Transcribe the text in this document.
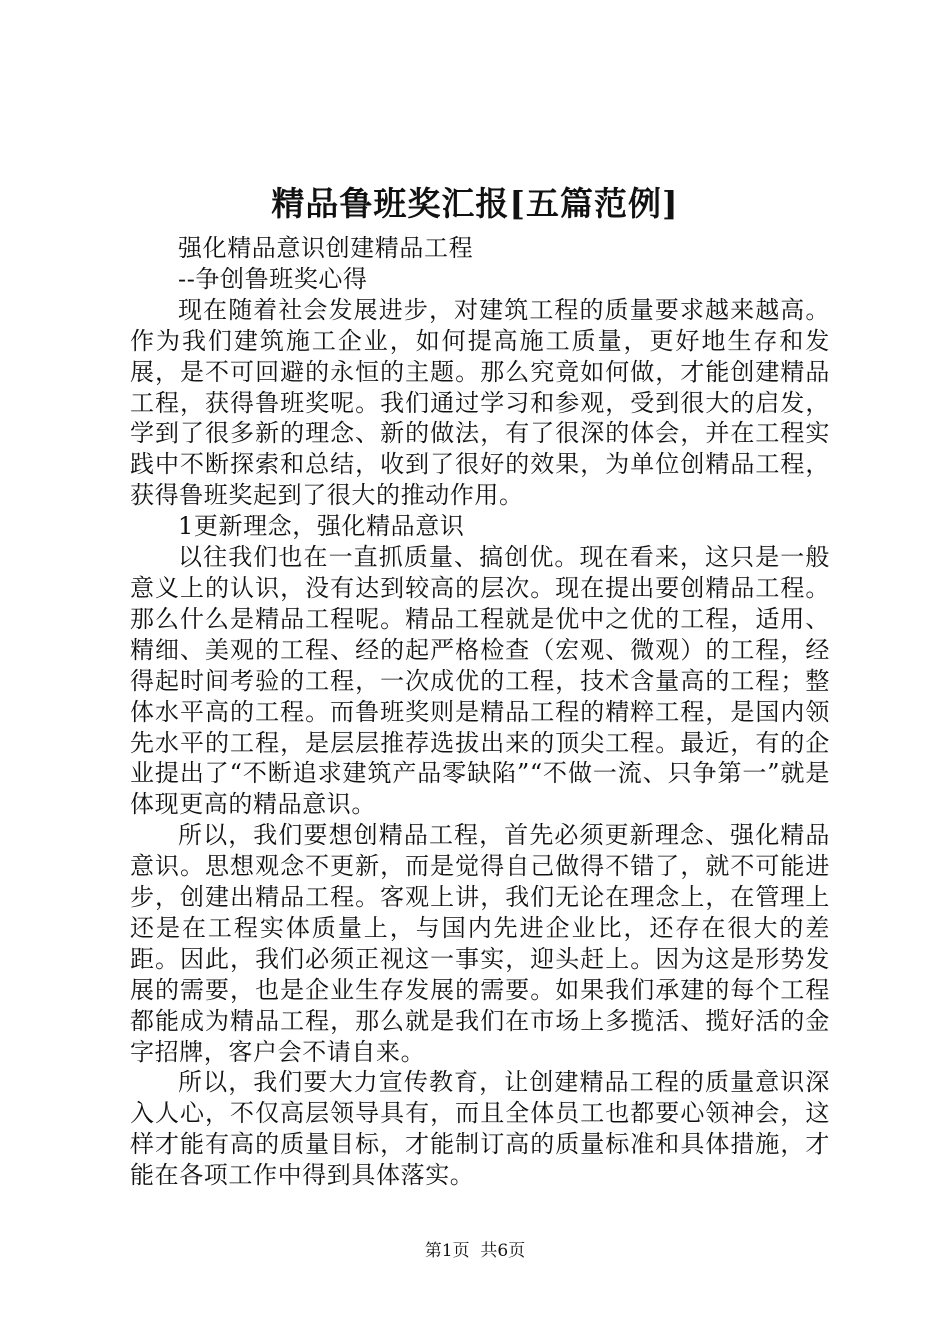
精品鲁班奖汇报[五篇范例]

强化精品意识创建精品工程

--争创鲁班奖心得

现在随着社会发展进步，对建筑工程的质量要求越来越高。作为我们建筑施工企业，如何提高施工质量，更好地生存和发展，是不可回避的永恒的主题。那么究竟如何做，才能创建精品工程，获得鲁班奖呢。我们通过学习和参观，受到很大的启发，学到了很多新的理念、新的做法，有了很深的体会，并在工程实践中不断探索和总结，收到了很好的效果，为单位创精品工程，获得鲁班奖起到了很大的推动作用。

1更新理念，强化精品意识

以往我们也在一直抓质量、搞创优。现在看来，这只是一般意义上的认识，没有达到较高的层次。现在提出要创精品工程。那么什么是精品工程呢。精品工程就是优中之优的工程，适用、精细、美观的工程、经的起严格检查（宏观、微观）的工程，经得起时间考验的工程，一次成优的工程，技术含量高的工程；整体水平高的工程。而鲁班奖则是精品工程的精粹工程，是国内领先水平的工程，是层层推荐选拔出来的顶尖工程。最近，有的企业提出了“不断追求建筑产品零缺陷”“不做一流、只争第一”就是体现更高的精品意识。

所以，我们要想创精品工程，首先必须更新理念、强化精品意识。思想观念不更新，而是觉得自己做得不错了，就不可能进步，创建出精品工程。客观上讲，我们无论在理念上，在管理上还是在工程实体质量上，与国内先进企业比，还存在很大的差距。因此，我们必须正视这一事实，迎头赶上。因为这是形势发展的需要，也是企业生存发展的需要。如果我们承建的每个工程都能成为精品工程，那么就是我们在市场上多揽活、揽好活的金字招牌，客户会不请自来。

所以，我们要大力宣传教育，让创建精品工程的质量意识深入人心，不仅高层领导具有，而且全体员工也都要心领神会，这样才能有高的质量目标，才能制订高的质量标准和具体措施，才能在各项工作中得到具体落实。

第1页 共6页
